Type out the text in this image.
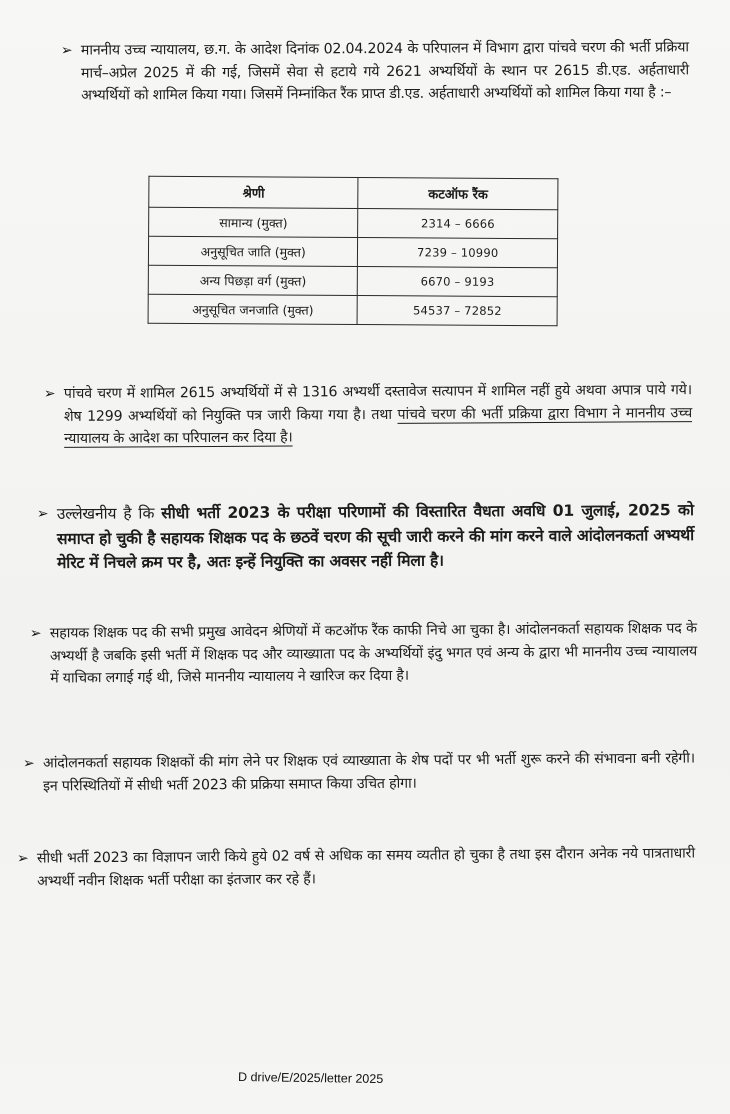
➢ माननीय उच्च न्यायालय, छ.ग. के आदेश दिनांक 02.04.2024 के परिपालन में विभाग द्वारा पांचवे चरण की भर्ती प्रक्रिया मार्च–अप्रेल 2025 में की गई, जिसमें सेवा से हटाये गये 2621 अभ्यर्थियों के स्थान पर 2615 डी.एड. अर्हताधारी अभ्यर्थियों को शामिल किया गया। जिसमें निम्नांकित रैंक प्राप्त डी.एड. अर्हताधारी अभ्यर्थियों को शामिल किया गया है :–
श्रेणी	कटऑफ रैंक
सामान्य (मुक्त)	2314 – 6666
अनुसूचित जाति (मुक्त)	7239 – 10990
अन्य पिछड़ा वर्ग (मुक्त)	6670 – 9193
अनुसूचित जनजाति (मुक्त)	54537 – 72852
➢ पांचवे चरण में शामिल 2615 अभ्यर्थियों में से 1316 अभ्यर्थी दस्तावेज सत्यापन में शामिल नहीं हुये अथवा अपात्र पाये गये। शेष 1299 अभ्यर्थियों को नियुक्ति पत्र जारी किया गया है। तथा पांचवे चरण की भर्ती प्रक्रिया द्वारा विभाग ने माननीय उच्च न्यायालय के आदेश का परिपालन कर दिया है।
➢ उल्लेखनीय है कि सीधी भर्ती 2023 के परीक्षा परिणामों की विस्तारित वैधता अवधि 01 जुलाई, 2025 को समाप्त हो चुकी है सहायक शिक्षक पद के छठवें चरण की सूची जारी करने की मांग करने वाले आंदोलनकर्ता अभ्यर्थी मेरिट में निचले क्रम पर है, अतः इन्हें नियुक्ति का अवसर नहीं मिला है।
➢ सहायक शिक्षक पद की सभी प्रमुख आवेदन श्रेणियों में कटऑफ रैंक काफी निचे आ चुका है। आंदोलनकर्ता सहायक शिक्षक पद के अभ्यर्थी है जबकि इसी भर्ती में शिक्षक पद और व्याख्याता पद के अभ्यर्थियों इंदु भगत एवं अन्य के द्वारा भी माननीय उच्च न्यायालय में याचिका लगाई गई थी, जिसे माननीय न्यायालय ने खारिज कर दिया है।
➢ आंदोलनकर्ता सहायक शिक्षकों की मांग लेने पर शिक्षक एवं व्याख्याता के शेष पदों पर भी भर्ती शुरू करने की संभावना बनी रहेगी। इन परिस्थितियों में सीधी भर्ती 2023 की प्रक्रिया समाप्त किया उचित होगा।
➢ सीधी भर्ती 2023 का विज्ञापन जारी किये हुये 02 वर्ष से अधिक का समय व्यतीत हो चुका है तथा इस दौरान अनेक नये पात्रताधारी अभ्यर्थी नवीन शिक्षक भर्ती परीक्षा का इंतजार कर रहे हैं।
D drive/E/2025/letter 2025
